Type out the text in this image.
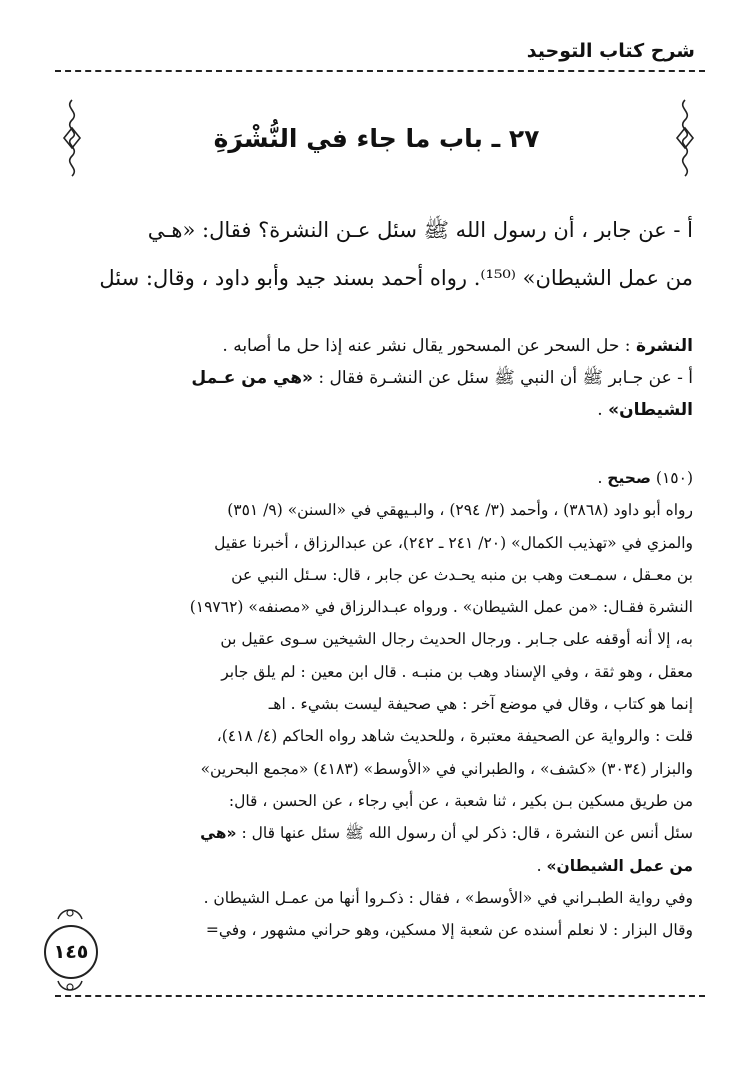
شرح كتاب التوحيد
٢٧ ـ باب ما جاء في النُّشْرَةِ

أ - عن جابر ، أن رسول الله ﷺ سئل عـن النشرة؟ فقال: «هـي

من عمل الشيطان» ⁽¹⁵⁰⁾. رواه أحمد بسند جيد وأبو داود ، وقال: سئل

النشرة : حل السحر عن المسحور يقال نشر عنه إذا حل ما أصابه .

أ - عن جـابر ﷺ أن النبي ﷺ سئل عن النشـرة فقال : «هي من عـمل

الشيطان» .

(١٥٠) صحيح .

رواه أبو داود (٣٨٦٨) ، وأحمد (٣/ ٢٩٤) ، والبـيهقي في «السنن» (٩/ ٣٥١)

والمزي في «تهذيب الكمال» (٢٠/ ٢٤١ ـ ٢٤٢)، عن عبدالرزاق ، أخبرنا عقيل

بن معـقل ، سمـعت وهب بن منبه يحـدث عن جابر ، قال: سـئل النبي عن

النشرة فقـال: «من عمل الشيطان» . ورواه عبـدالرزاق في «مصنفه» (١٩٧٦٢)

به، إلا أنه أوقفه على جـابر . ورجال الحديث رجال الشيخين سـوى عقيل بن

معقل ، وهو ثقة ، وفي الإسناد وهب بن منبـه . قال ابن معين : لم يلق جابر

إنما هو كتاب ، وقال في موضع آخر : هي صحيفة ليست بشيء . اهـ

قلت : والرواية عن الصحيفة معتبرة ، وللحديث شاهد رواه الحاكم (٤/ ٤١٨)،

والبزار (٣٠٣٤) «كشف» ، والطبراني في «الأوسط» (٤١٨٣) «مجمع البحرين»

من طريق مسكين بـن بكير ، ثنا شعبة ، عن أبي رجاء ، عن الحسن ، قال:

سئل أنس عن النشرة ، قال: ذكر لي أن رسول الله ﷺ سئل عنها قال : «هي

من عمل الشيطان» .

وفي رواية الطبـراني في «الأوسط» ، فقال : ذكـروا أنها من عمـل الشيطان .

وقال البزار : لا نعلم أسنده عن شعبة إلا مسكين، وهو حراني مشهور ، وفي=

١٤٥
